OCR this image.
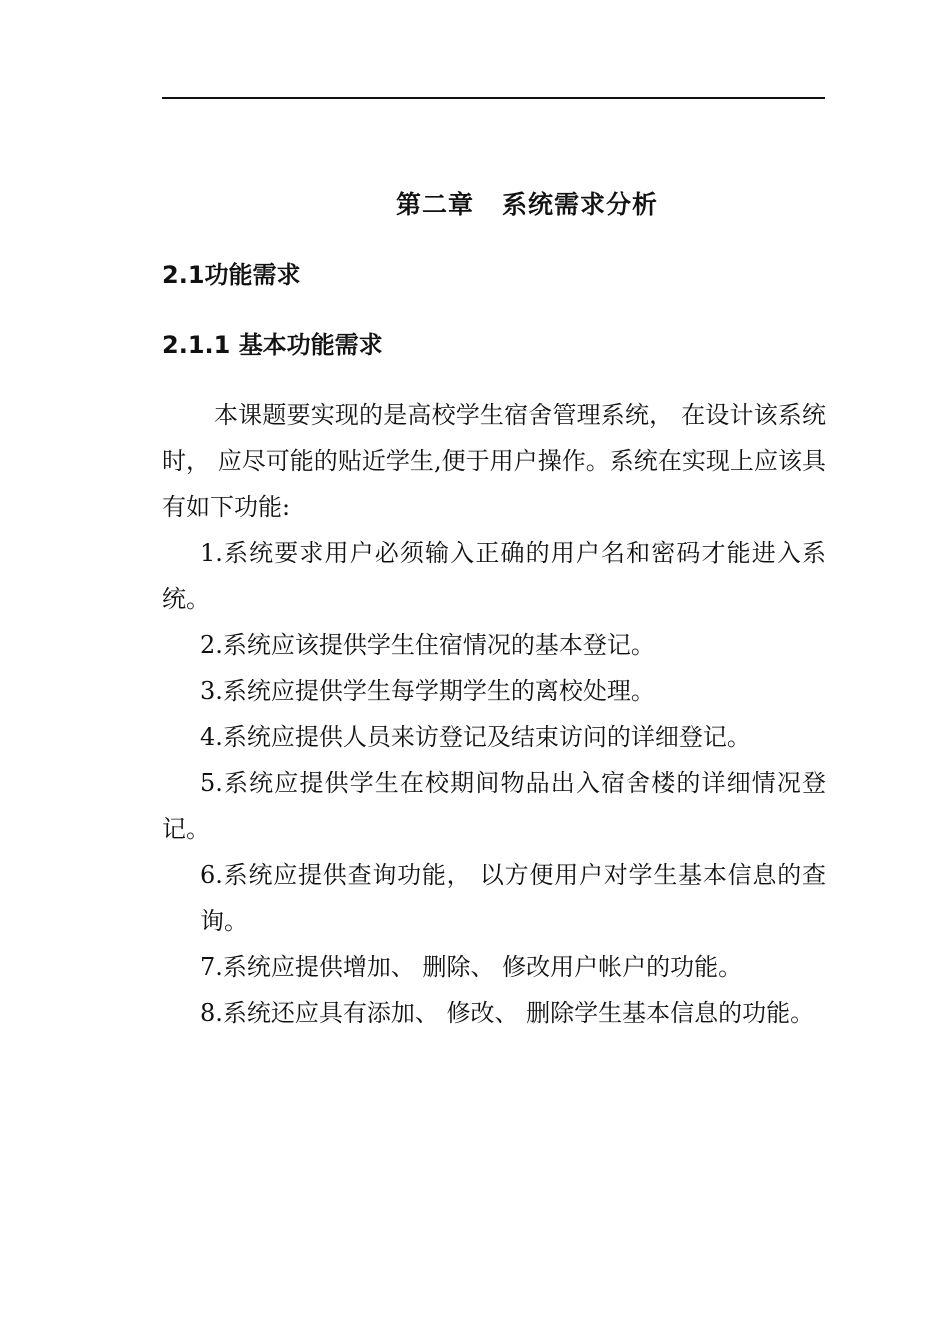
第二章 系统需求分析
2.1功能需求
2.1.1 基本功能需求

本课题要实现的是高校学生宿舍管理系统， 在设计该系统时， 应尽可能的贴近学生,便于用户操作。系统在实现上应该具有如下功能:

1.系统要求用户必须输入正确的用户名和密码才能进入系统。
2.系统应该提供学生住宿情况的基本登记。
3.系统应提供学生每学期学生的离校处理。
4.系统应提供人员来访登记及结束访问的详细登记。
5.系统应提供学生在校期间物品出入宿舍楼的详细情况登记。
6.系统应提供查询功能， 以方便用户对学生基本信息的查询。
7.系统应提供增加、 删除、 修改用户帐户的功能。
8.系统还应具有添加、 修改、 删除学生基本信息的功能。
